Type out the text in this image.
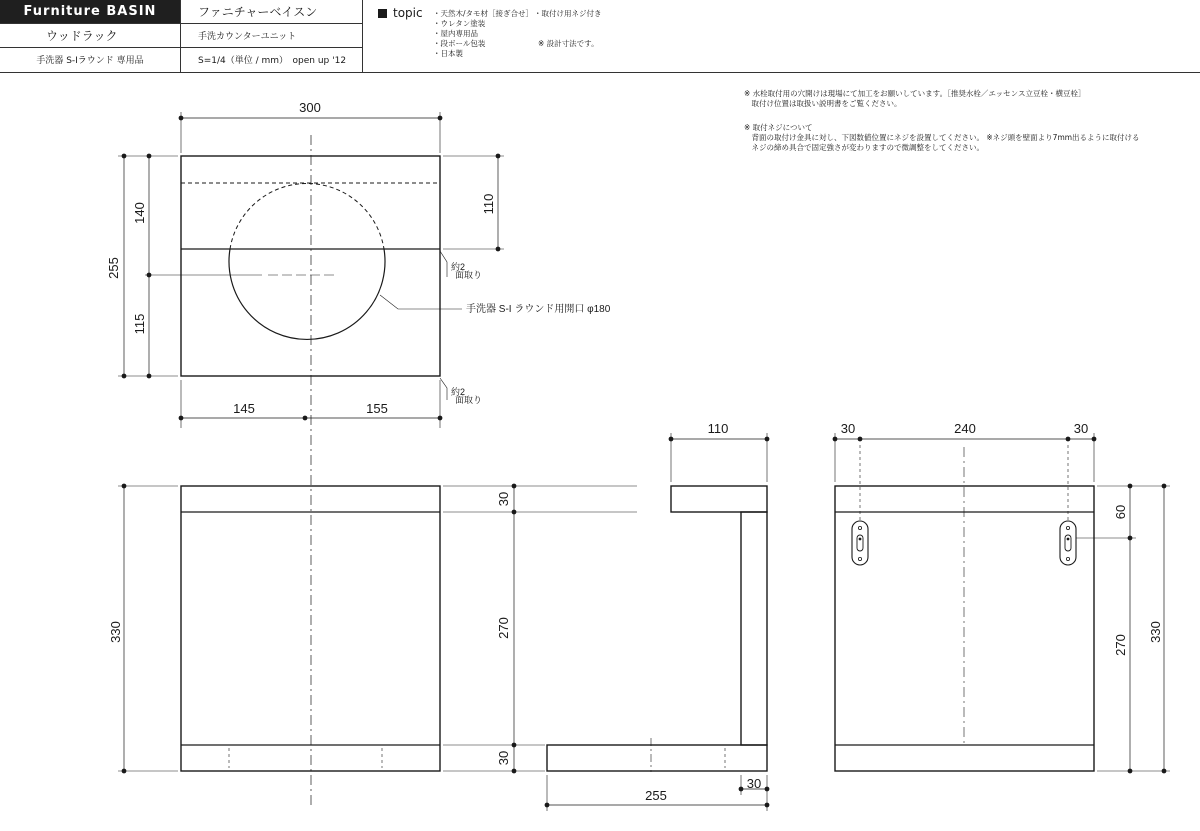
Furniture BASIN	ファニチャーベイスン
ウッドラック	手洗カウンターユニット
手洗器 S-Iラウンド 専用品	S=1/4（単位 / mm）　open up '12
topic ・天然木/タモ材［接ぎ合せ］
・ウレタン塗装
・屋内専用品
・段ボール包装
・日本製
・取付け用ネジ付き

※ 設計寸法です。
※ 水栓取付用の穴開けは現場にて加工をお願いしています。［推奨水栓／エッセンス立豆栓・横豆栓］
　取付け位置は取扱い説明書をご覧ください。

※ 取付ネジについて
　背面の取付け金具に対し、下図数値位置にネジを設置してください。 ※ネジ頭を壁面より7mm出るように取付ける
　ネジの締め具合で固定強さが変わりますので微調整をしてください。
300
145	155
255
140
115
110
330
30
270
30
110
255
30
30	240	30
60
270
330
約2
面取り
約2
面取り
手洗器 S-I ラウンド用開口 φ180
